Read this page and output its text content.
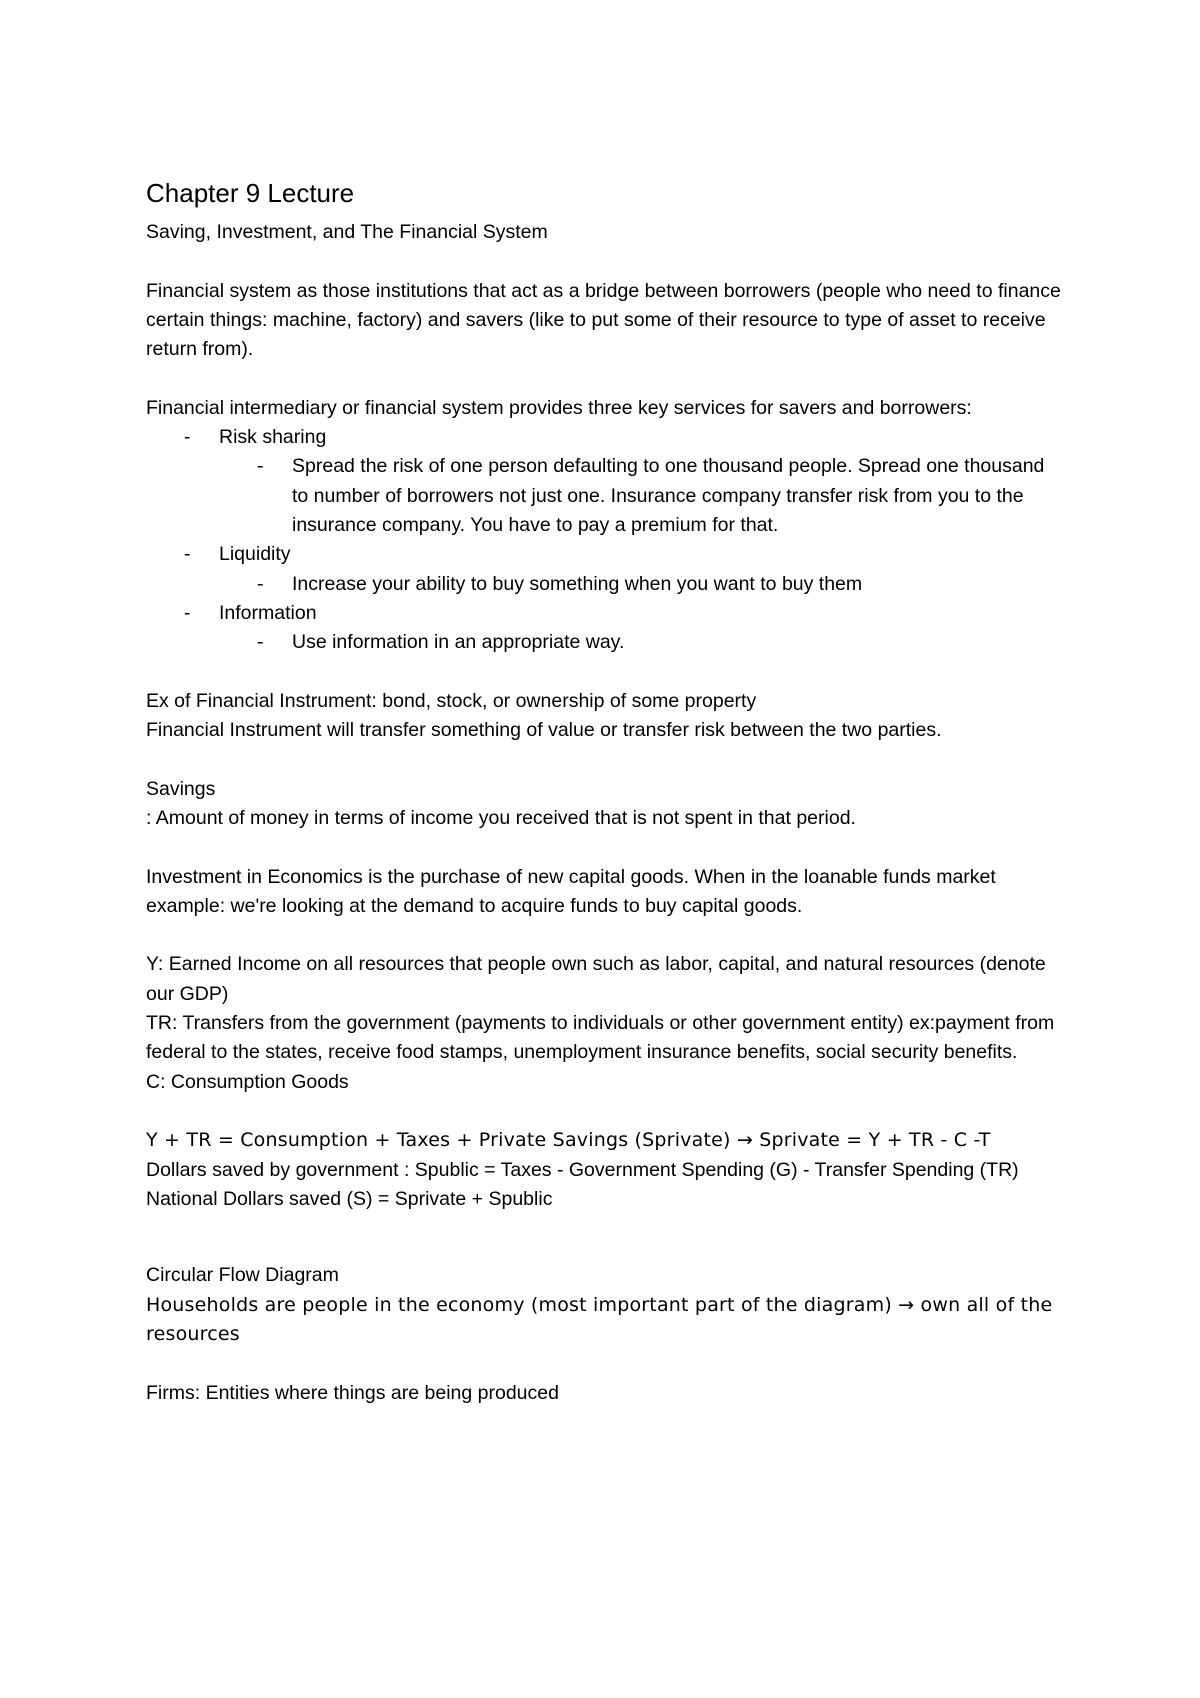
Chapter 9 Lecture

Saving, Investment, and The Financial System

Financial system as those institutions that act as a bridge between borrowers (people who need to finance certain things: machine, factory) and savers (like to put some of their resource to type of asset to receive return from).

Financial intermediary or financial system provides three key services for savers and borrowers:

- Risk sharing
- Spread the risk of one person defaulting to one thousand people. Spread one thousand to number of borrowers not just one. Insurance company transfer risk from you to the insurance company. You have to pay a premium for that.
- Liquidity
- Increase your ability to buy something when you want to buy them
- Information
- Use information in an appropriate way.

Ex of Financial Instrument: bond, stock, or ownership of some property

Financial Instrument will transfer something of value or transfer risk between the two parties.

Savings

: Amount of money in terms of income you received that is not spent in that period.

Investment in Economics is the purchase of new capital goods. When in the loanable funds market example: we're looking at the demand to acquire funds to buy capital goods.

Y: Earned Income on all resources that people own such as labor, capital, and natural resources (denote our GDP)

TR: Transfers from the government (payments to individuals or other government entity) ex:payment from federal to the states, receive food stamps, unemployment insurance benefits, social security benefits.

C: Consumption Goods

Y + TR = Consumption + Taxes + Private Savings (Sprivate) → Sprivate = Y + TR - C -T

Dollars saved by government : Spublic = Taxes - Government Spending (G) - Transfer Spending (TR)

National Dollars saved (S) = Sprivate + Spublic

Circular Flow Diagram

Households are people in the economy (most important part of the diagram) → own all of the resources

Firms: Entities where things are being produced
